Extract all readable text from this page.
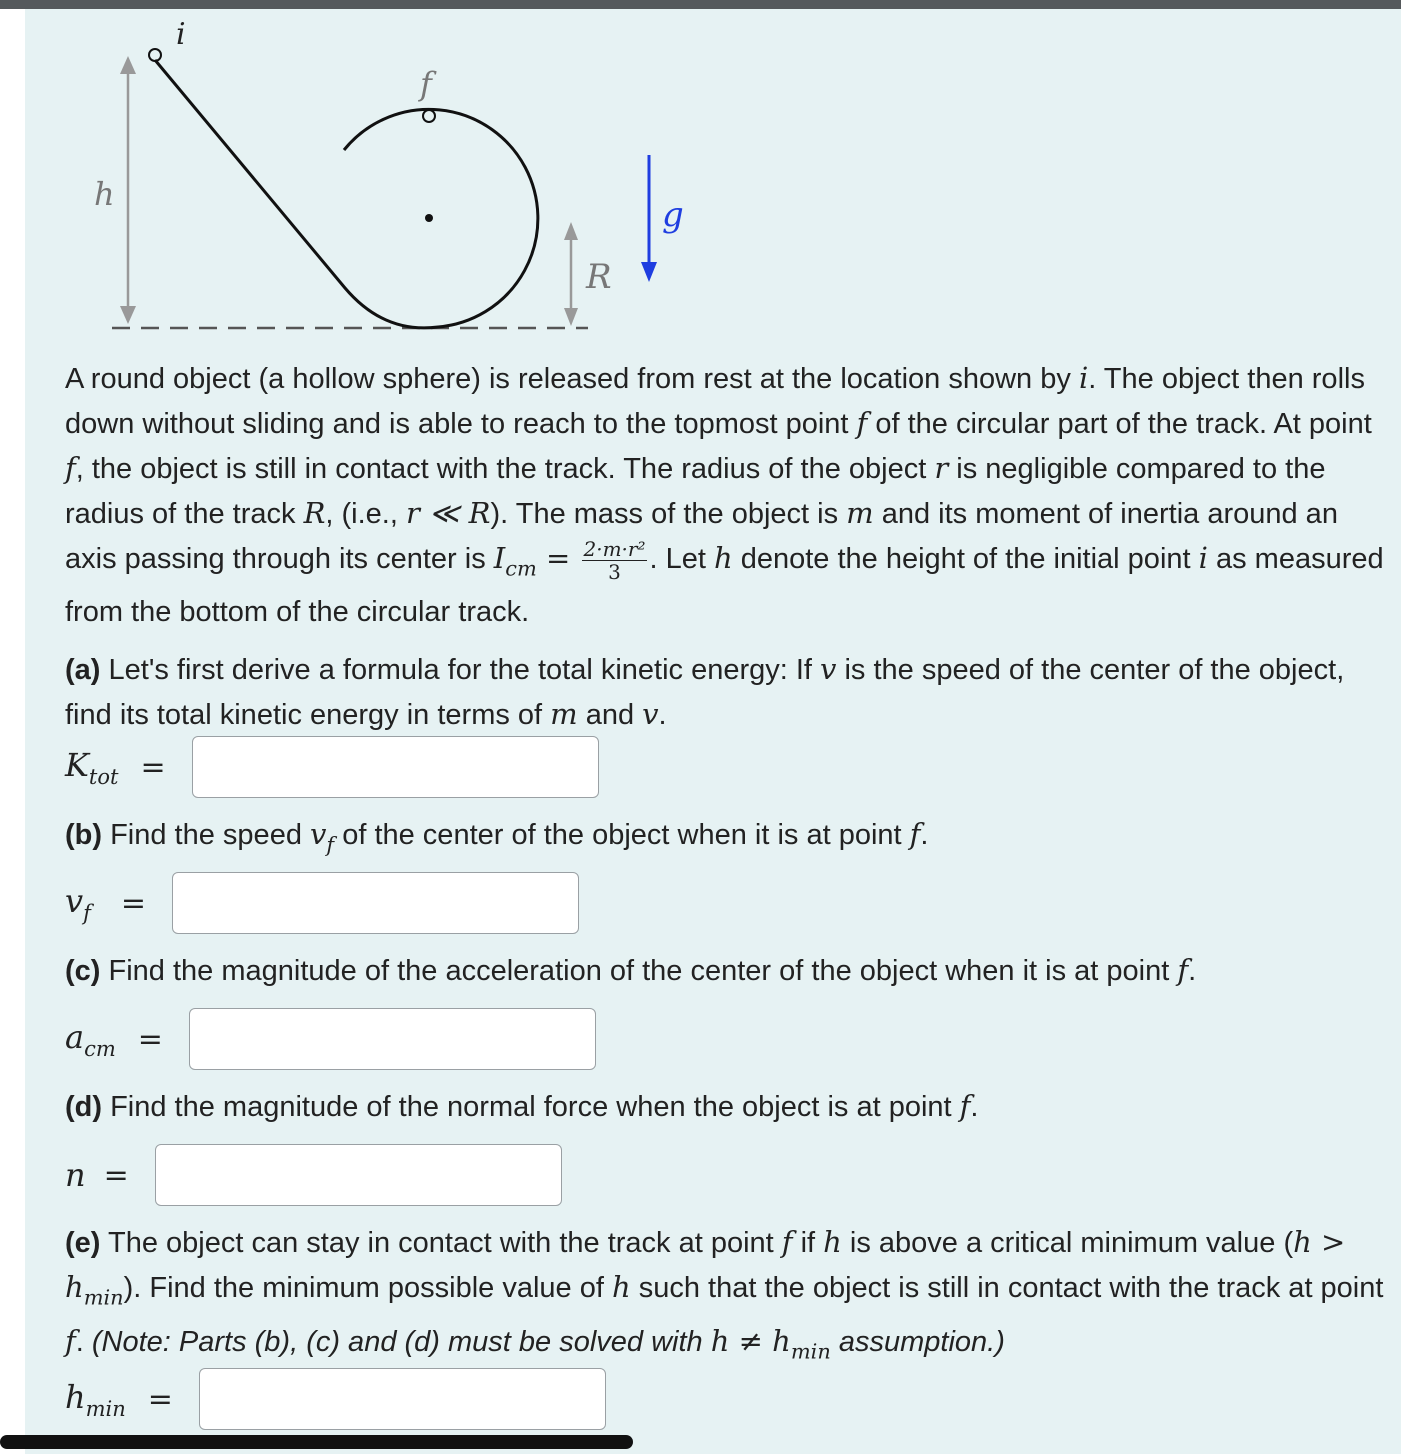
i
f
h
R
g
A round object (a hollow sphere) is released from rest at the location shown by i. The object then rolls down without sliding and is able to reach to the topmost point f of the circular part of the track. At point f, the object is still in contact with the track. The radius of the object r is negligible compared to the radius of the track R, (i.e., r ≪ R). The mass of the object is m and its moment of inertia around an axis passing through its center is $I_{cm} = \frac{\text{2·m·r²}}{3}$ . Let h denote the height of the initial point i as measured from the bottom of the circular track.
(a) Let's first derive a formula for the total kinetic energy: If v is the speed of the center of the object, find its total kinetic energy in terms of m and v.
$K_{tot}$ =
(b) Find the speed $v_f$ of the center of the object when it is at point f.
$v_f$ =
(c) Find the magnitude of the acceleration of the center of the object when it is at point f.
$a_{cm}$ =
(d) Find the magnitude of the normal force when the object is at point f.
n =
(e) The object can stay in contact with the track at point f if h is above a critical minimum value $(h > h_{min})$. Find the minimum possible value of h such that the object is still in contact with the track at point f. (Note: Parts (b), (c) and (d) must be solved with $h \ne h_{min}$ assumption.)
$h_{min}$ =
